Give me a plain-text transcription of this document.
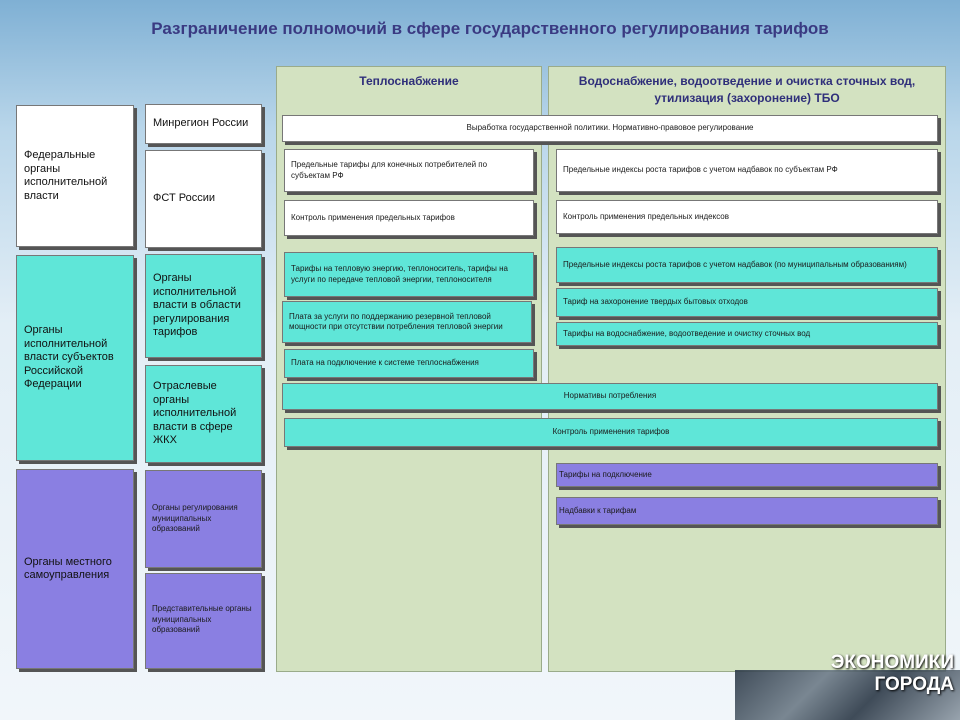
Разграничение полномочий в сфере государственного регулирования тарифов
Теплоснабжение	Водоснабжение, водоотведение и очистка сточных вод, утилизация (захоронение) ТБО
Федеральные органы исполнительной власти
Органы исполнительной власти субъектов Российской Федерации
Органы местного самоуправления
Минрегион России
ФСТ России
Органы исполнительной власти в области регулирования тарифов
Отраслевые органы исполнительной власти в сфере ЖКХ
Органы регулирования муниципальных образований
Представительные органы муниципальных образований
Выработка государственной политики. Нормативно-правовое регулирование
Предельные тарифы для конечных потребителей по субъектам РФ
Контроль применения предельных тарифов
Предельные индексы роста тарифов с учетом надбавок по субъектам РФ
Контроль применения предельных индексов
Тарифы на тепловую энергию, теплоноситель, тарифы на услуги по передаче тепловой энергии, теплоносителя
Плата за услуги по поддержанию резервной тепловой мощности при отсутствии потребления тепловой энергии
Плата на подключение к системе теплоснабжения
Предельные индексы роста тарифов с учетом надбавок (по муниципальным образованиям)
Тариф на захоронение твердых бытовых отходов
Тарифы на водоснабжение, водоотведение и очистку сточных вод
Нормативы потребления
Контроль применения тарифов
Тарифы на подключение
Надбавки к тарифам
ЭКОНОМИКИ
ГОРОДА
